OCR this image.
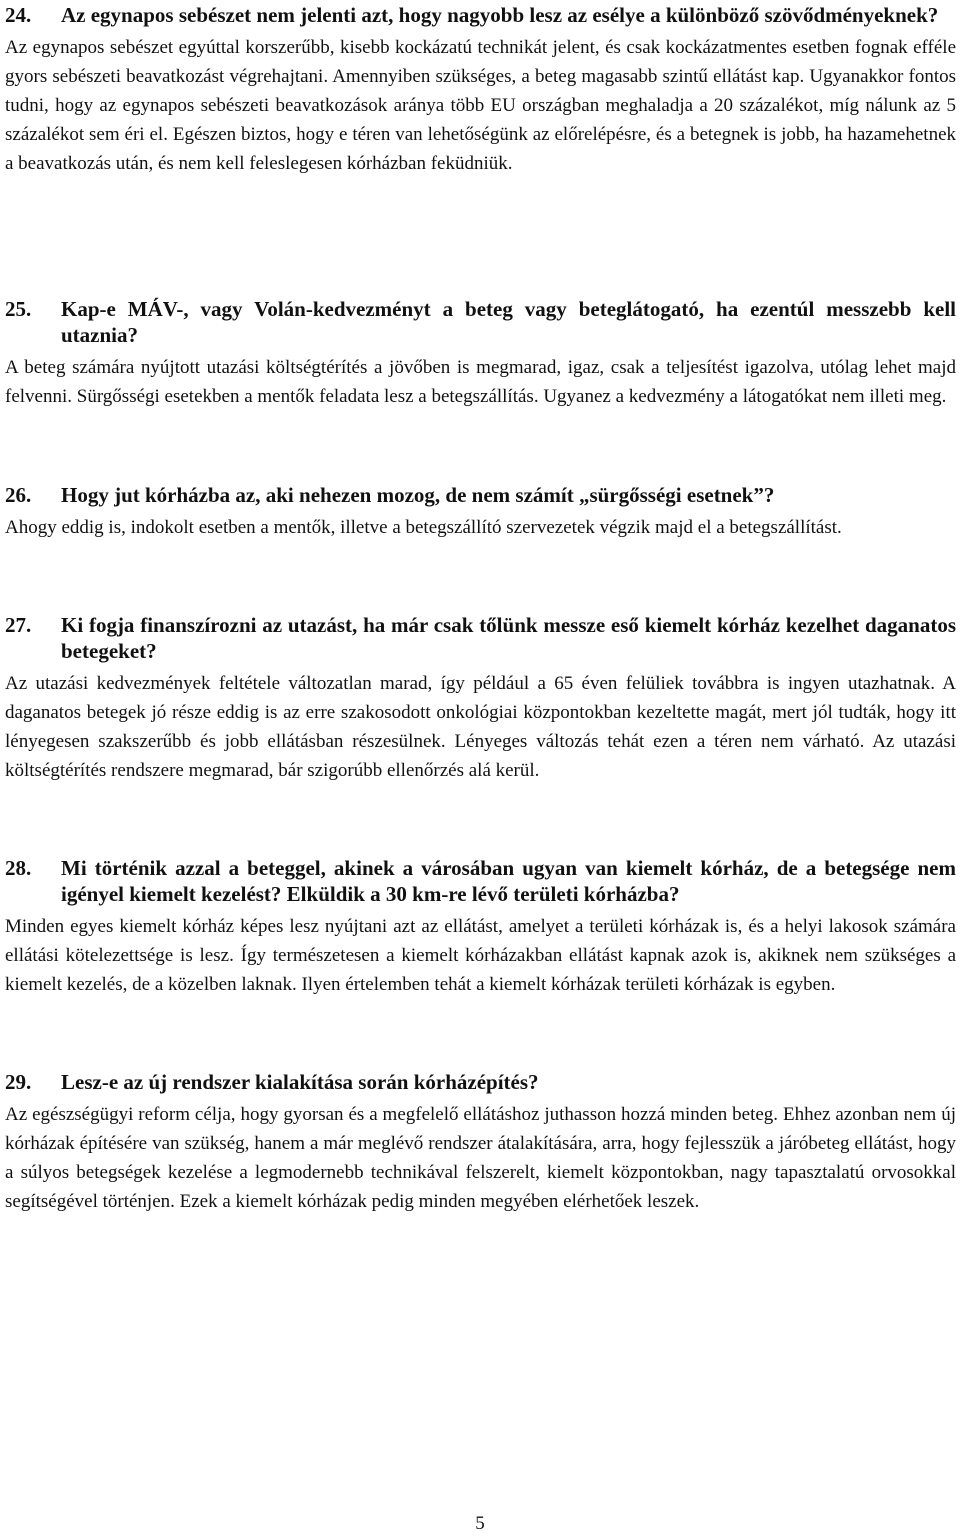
24.	Az egynapos sebészet nem jelenti azt, hogy nagyobb lesz az esélye a különböző szövődményeknek?

Az egynapos sebészet egyúttal korszerűbb, kisebb kockázatú technikát jelent, és csak kockázatmentes esetben fognak efféle gyors sebészeti beavatkozást végrehajtani. Amennyiben szükséges, a beteg magasabb szintű ellátást kap. Ugyanakkor fontos tudni, hogy az egynapos sebészeti beavatkozások aránya több EU országban meghaladja a 20 százalékot, míg nálunk az 5 százalékot sem éri el. Egészen biztos, hogy e téren van lehetőségünk az előrelépésre, és a betegnek is jobb, ha hazamehetnek a beavatkozás után, és nem kell feleslegesen kórházban feküdniük.

25.	Kap-e MÁV-, vagy Volán-kedvezményt a beteg vagy beteglátogató, ha ezentúl messzebb kell utaznia?

A beteg számára nyújtott utazási költségtérítés a jövőben is megmarad, igaz, csak a teljesítést igazolva, utólag lehet majd felvenni. Sürgősségi esetekben a mentők feladata lesz a betegszállítás. Ugyanez a kedvezmény a látogatókat nem illeti meg.

26.	Hogy jut kórházba az, aki nehezen mozog, de nem számít „sürgősségi esetnek”?

Ahogy eddig is, indokolt esetben a mentők, illetve a betegszállító szervezetek végzik majd el a betegszállítást.

27.	Ki fogja finanszírozni az utazást, ha már csak tőlünk messze eső kiemelt kórház kezelhet daganatos betegeket?

Az utazási kedvezmények feltétele változatlan marad, így például a 65 éven felüliek továbbra is ingyen utazhatnak. A daganatos betegek jó része eddig is az erre szakosodott onkológiai központokban kezeltette magát, mert jól tudták, hogy itt lényegesen szakszerűbb és jobb ellátásban részesülnek. Lényeges változás tehát ezen a téren nem várható. Az utazási költségtérítés rendszere megmarad, bár szigorúbb ellenőrzés alá kerül.

28.	Mi történik azzal a beteggel, akinek a városában ugyan van kiemelt kórház, de a betegsége nem igényel kiemelt kezelést? Elküldik a 30 km-re lévő területi kórházba?

Minden egyes kiemelt kórház képes lesz nyújtani azt az ellátást, amelyet a területi kórházak is, és a helyi lakosok számára ellátási kötelezettsége is lesz. Így természetesen a kiemelt kórházakban ellátást kapnak azok is, akiknek nem szükséges a kiemelt kezelés, de a közelben laknak. Ilyen értelemben tehát a kiemelt kórházak területi kórházak is egyben.

29.	Lesz-e az új rendszer kialakítása során kórházépítés?

Az egészségügyi reform célja, hogy gyorsan és a megfelelő ellátáshoz juthasson hozzá minden beteg. Ehhez azonban nem új kórházak építésére van szükség, hanem a már meglévő rendszer átalakítására, arra, hogy fejlesszük a járóbeteg ellátást, hogy a súlyos betegségek kezelése a legmodernebb technikával felszerelt, kiemelt központokban, nagy tapasztalatú orvosokkal segítségével történjen. Ezek a kiemelt kórházak pedig minden megyében elérhetőek leszek.

5
